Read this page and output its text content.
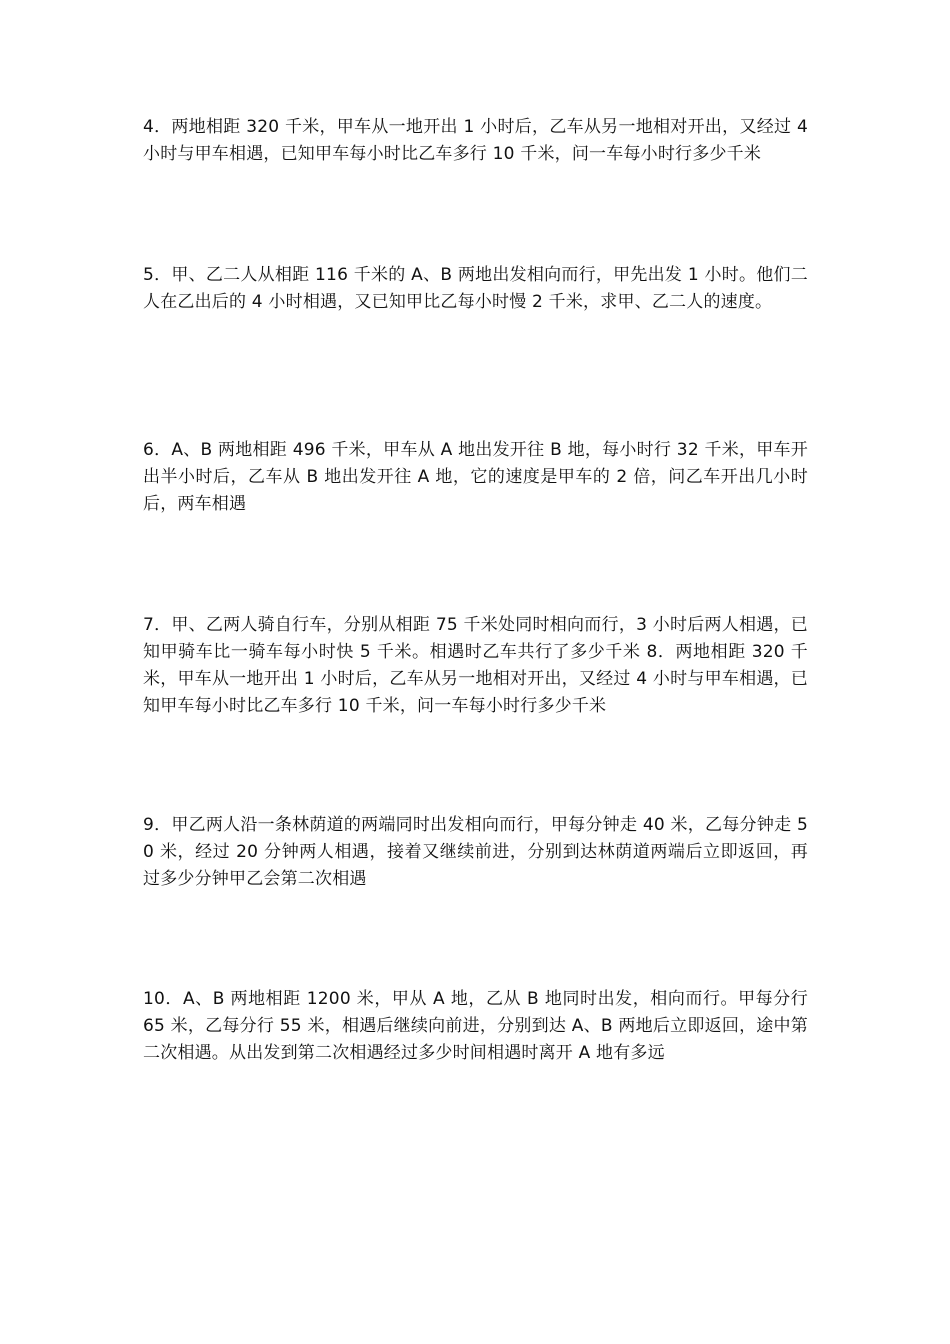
4．两地相距 320 千米，甲车从一地开出 1 小时后，乙车从另一地相对开出，又经过 4 小时与甲车相遇，已知甲车每小时比乙车多行 10 千米，问一车每小时行多少千米

5．甲、乙二人从相距 116 千米的 A、B 两地出发相向而行，甲先出发 1 小时。他们二人在乙出后的 4 小时相遇，又已知甲比乙每小时慢 2 千米，求甲、乙二人的速度。

6．A、B 两地相距 496 千米，甲车从 A 地出发开往 B 地，每小时行 32 千米，甲车开出半小时后，乙车从 B 地出发开往 A 地，它的速度是甲车的 2 倍，问乙车开出几小时后，两车相遇

7．甲、乙两人骑自行车，分别从相距 75 千米处同时相向而行，3 小时后两人相遇，已知甲骑车比一骑车每小时快 5 千米。相遇时乙车共行了多少千米 8．两地相距 320 千米，甲车从一地开出 1 小时后，乙车从另一地相对开出，又经过 4 小时与甲车相遇，已知甲车每小时比乙车多行 10 千米，问一车每小时行多少千米

9．甲乙两人沿一条林荫道的两端同时出发相向而行，甲每分钟走 40 米，乙每分钟走 50 米，经过 20 分钟两人相遇，接着又继续前进，分别到达林荫道两端后立即返回，再过多少分钟甲乙会第二次相遇

10．A、B 两地相距 1200 米，甲从 A 地，乙从 B 地同时出发，相向而行。甲每分行 65 米，乙每分行 55 米，相遇后继续向前进，分别到达 A、B 两地后立即返回，途中第二次相遇。从出发到第二次相遇经过多少时间相遇时离开 A 地有多远
